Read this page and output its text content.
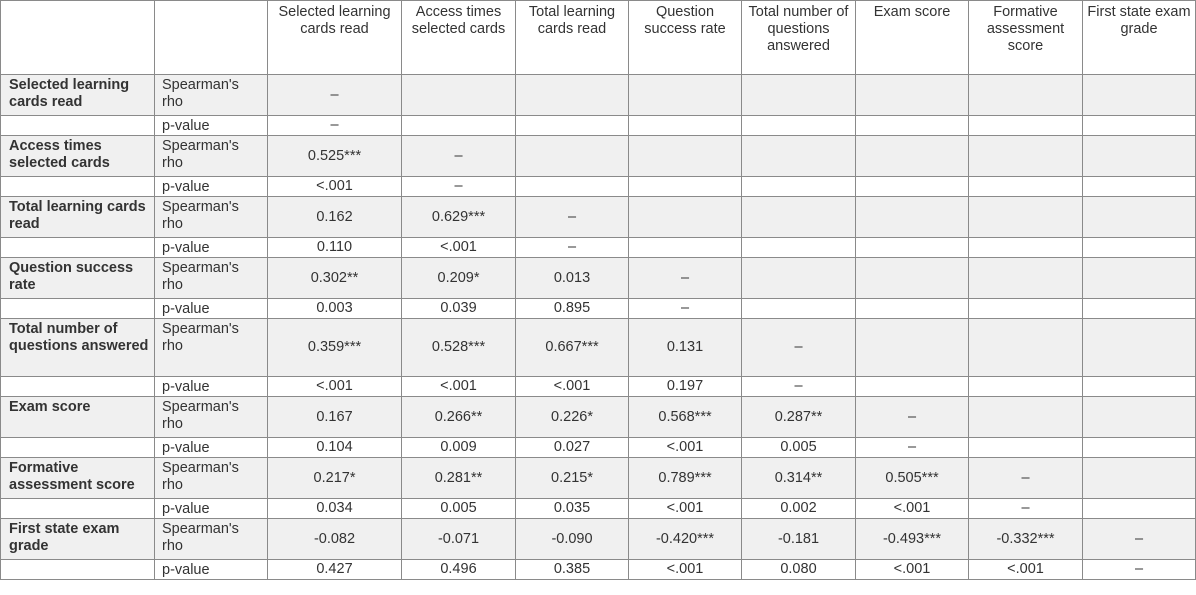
		Selected learning cards read	Access times selected cards	Total learning cards read	Question success rate	Total number of questions answered	Exam score	Formative assessment score	First state exam grade
Selected learning cards read	Spearman's rho	–							
	p-value	–							
Access times selected cards	Spearman's rho	0.525***	–						
	p-value	<.001	–						
Total learning cards read	Spearman's rho	0.162	0.629***	–					
	p-value	0.110	<.001	–					
Question success rate	Spearman's rho	0.302**	0.209*	0.013	–				
	p-value	0.003	0.039	0.895	–				
Total number of questions answered	Spearman's rho	0.359***	0.528***	0.667***	0.131	–			
	p-value	<.001	<.001	<.001	0.197	–			
Exam score	Spearman's rho	0.167	0.266**	0.226*	0.568***	0.287**	–		
	p-value	0.104	0.009	0.027	<.001	0.005	–		
Formative assessment score	Spearman's rho	0.217*	0.281**	0.215*	0.789***	0.314**	0.505***	–	
	p-value	0.034	0.005	0.035	<.001	0.002	<.001	–	
First state exam grade	Spearman's rho	-0.082	-0.071	-0.090	-0.420***	-0.181	-0.493***	-0.332***	–
	p-value	0.427	0.496	0.385	<.001	0.080	<.001	<.001	–
